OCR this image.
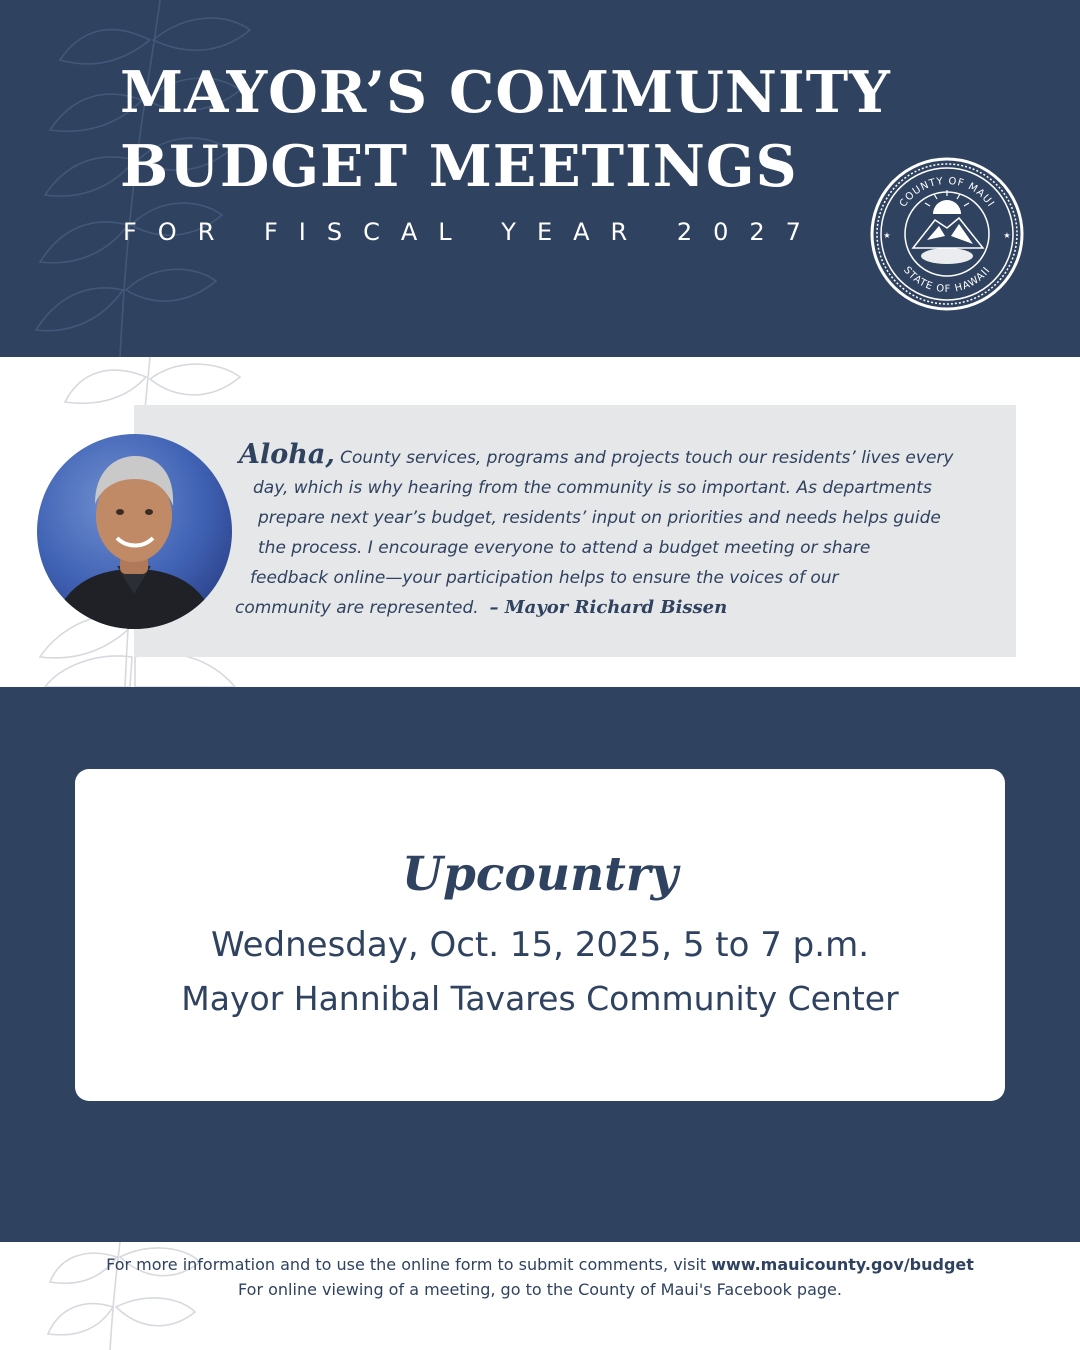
MAYOR’S COMMUNITY
BUDGET MEETINGS
FOR FISCAL YEAR 2027
COUNTY OF MAUI
STATE OF HAWAII
★	★
Aloha, County services, programs and projects touch our residents’ lives every
day, which is why hearing from the community is so important. As departments
prepare next year’s budget, residents’ input on priorities and needs helps guide
the process. I encourage everyone to attend a budget meeting or share
feedback online—your participation helps to ensure the voices of our
community are represented. – Mayor Richard Bissen
Upcountry
Wednesday, Oct. 15, 2025, 5 to 7 p.m.
Mayor Hannibal Tavares Community Center
For more information and to use the online form to submit comments, visit www.mauicounty.gov/budget
For online viewing of a meeting, go to the County of Maui's Facebook page.
